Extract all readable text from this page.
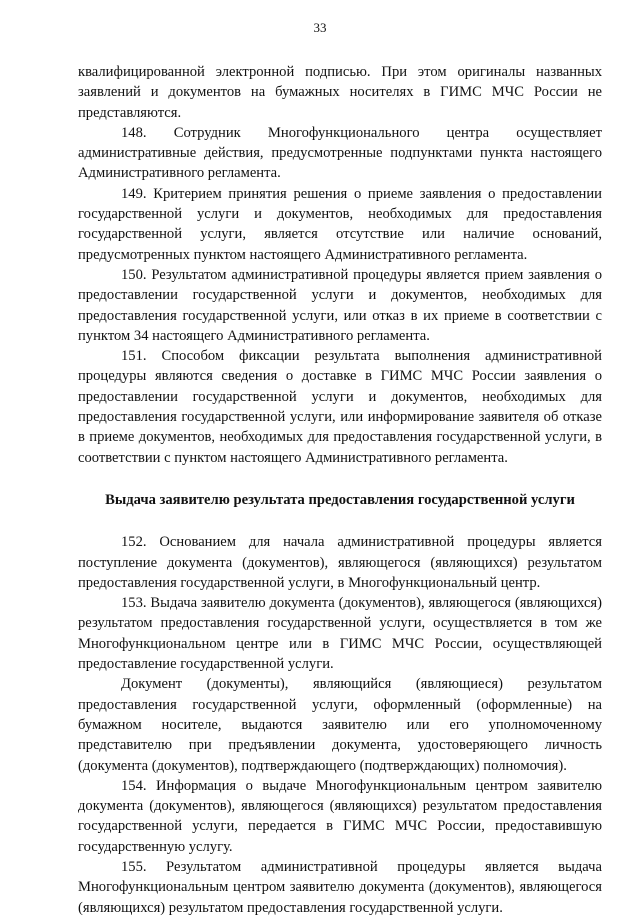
33

квалифицированной электронной подписью. При этом оригиналы названных заявлений и документов на бумажных носителях в ГИМС МЧС России не представляются.

148. Сотрудник Многофункционального центра осуществляет административные действия, предусмотренные подпунктами пункта настоящего Административного регламента.

149. Критерием принятия решения о приеме заявления о предоставлении государственной услуги и документов, необходимых для предоставления государственной услуги, является отсутствие или наличие оснований, предусмотренных пунктом настоящего Административного регламента.

150. Результатом административной процедуры является прием заявления о предоставлении государственной услуги и документов, необходимых для предоставления государственной услуги, или отказ в их приеме в соответствии с пунктом 34 настоящего Административного регламента.

151. Способом фиксации результата выполнения административной процедуры являются сведения о доставке в ГИМС МЧС России заявления о предоставлении государственной услуги и документов, необходимых для предоставления государственной услуги, или информирование заявителя об отказе в приеме документов, необходимых для предоставления государственной услуги, в соответствии с пунктом настоящего Административного регламента.

Выдача заявителю результата предоставления государственной услуги

152. Основанием для начала административной процедуры является поступление документа (документов), являющегося (являющихся) результатом предоставления государственной услуги, в Многофункциональный центр.

153. Выдача заявителю документа (документов), являющегося (являющихся) результатом предоставления государственной услуги, осуществляется в том же Многофункциональном центре или в ГИМС МЧС России, осуществляющей предоставление государственной услуги.

Документ (документы), являющийся (являющиеся) результатом предоставления государственной услуги, оформленный (оформленные) на бумажном носителе, выдаются заявителю или его уполномоченному представителю при предъявлении документа, удостоверяющего личность (документа (документов), подтверждающего (подтверждающих) полномочия).

154. Информация о выдаче Многофункциональным центром заявителю документа (документов), являющегося (являющихся) результатом предоставления государственной услуги, передается в ГИМС МЧС России, предоставившую государственную услугу.

155. Результатом административной процедуры является выдача Многофункциональным центром заявителю документа (документов), являющегося (являющихся) результатом предоставления государственной услуги.
